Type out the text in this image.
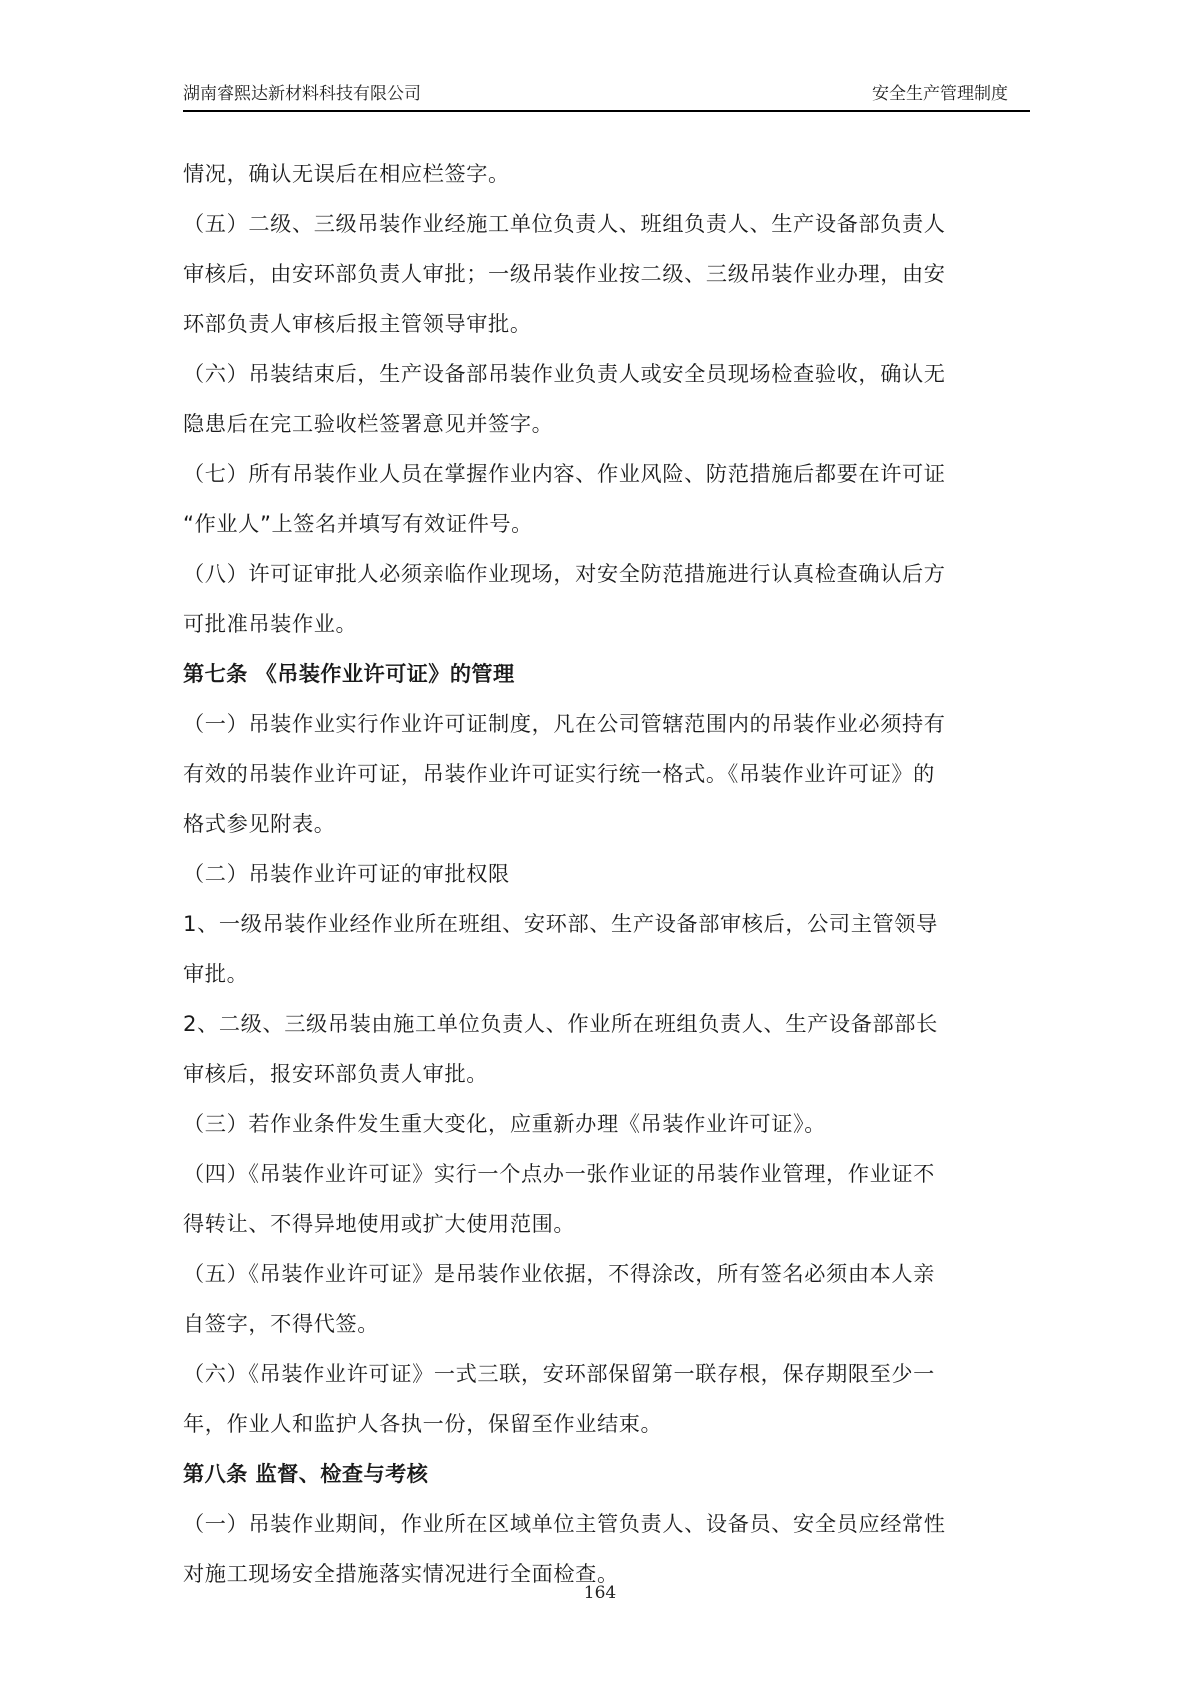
湖南睿熙达新材料科技有限公司	安全生产管理制度

情况，确认无误后在相应栏签字。

（五）二级、三级吊装作业经施工单位负责人、班组负责人、生产设备部负责人

审核后，由安环部负责人审批；一级吊装作业按二级、三级吊装作业办理，由安

环部负责人审核后报主管领导审批。

（六）吊装结束后，生产设备部吊装作业负责人或安全员现场检查验收，确认无

隐患后在完工验收栏签署意见并签字。

（七）所有吊装作业人员在掌握作业内容、作业风险、防范措施后都要在许可证

“作业人”上签名并填写有效证件号。

（八）许可证审批人必须亲临作业现场，对安全防范措施进行认真检查确认后方

可批准吊装作业。

第七条 《吊装作业许可证》的管理

（一）吊装作业实行作业许可证制度，凡在公司管辖范围内的吊装作业必须持有

有效的吊装作业许可证，吊装作业许可证实行统一格式。《吊装作业许可证》的

格式参见附表。

（二）吊装作业许可证的审批权限

1、一级吊装作业经作业所在班组、安环部、生产设备部审核后，公司主管领导

审批。

2、二级、三级吊装由施工单位负责人、作业所在班组负责人、生产设备部部长

审核后，报安环部负责人审批。

（三）若作业条件发生重大变化，应重新办理《吊装作业许可证》。

（四）《吊装作业许可证》实行一个点办一张作业证的吊装作业管理，作业证不

得转让、不得异地使用或扩大使用范围。

（五）《吊装作业许可证》是吊装作业依据，不得涂改，所有签名必须由本人亲

自签字，不得代签。

（六）《吊装作业许可证》一式三联，安环部保留第一联存根，保存期限至少一

年，作业人和监护人各执一份，保留至作业结束。

第八条 监督、检查与考核

（一）吊装作业期间，作业所在区域单位主管负责人、设备员、安全员应经常性

对施工现场安全措施落实情况进行全面检查。

164
